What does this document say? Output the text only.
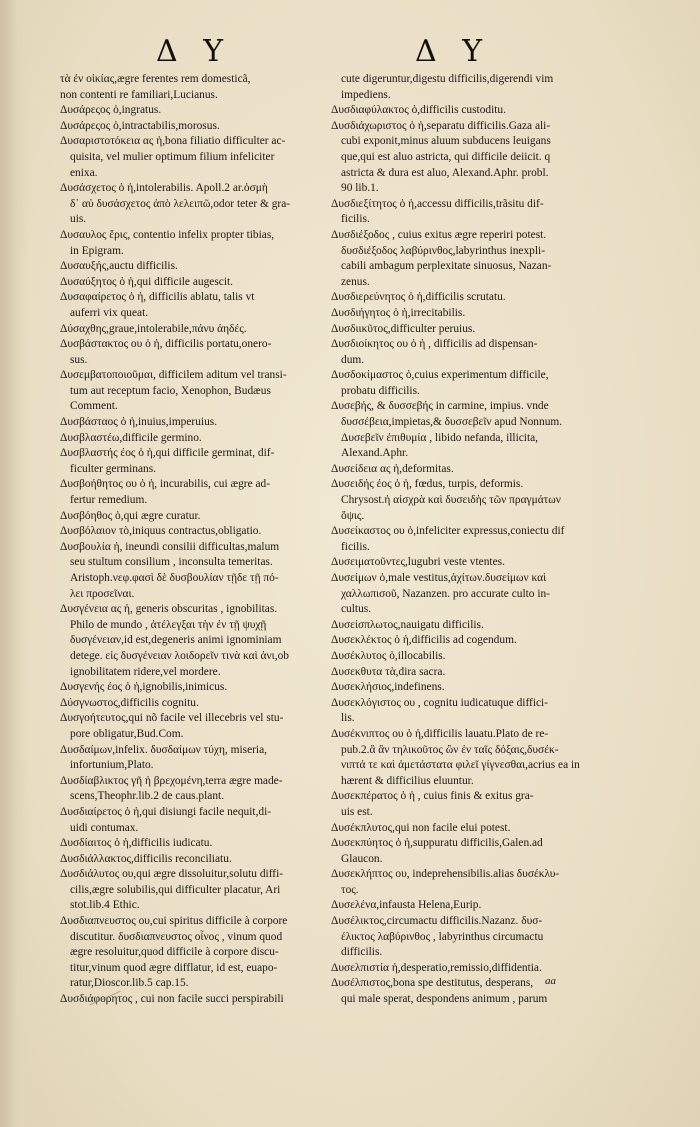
Δ Υ	Δ Υ
τὰ ἐν οἰκίας,ægre ferentes rem domesticã,
non contenti re familiari,Lucianus.
Δυσάρεςος ὁ,ingratus.
Δυσάρεςος ὁ,intractabilis,morosus.
Δυσαριστοτόκεια ας ἡ,bona filiatio difficulter ac-
quisita, vel mulier optimum filium infeliciter
enixa.
Δυσάσχετος ὁ ἡ,intolerabilis. Apoll.2 ar.ὀσμὴ
δ᾽ αὐ δυσάσχετος ἀπὸ λελειπῶ,odor teter & gra-
uis.
Δυσαυλος ἔρις, contentio infelix propter tibias,
in Epigram.
Δυσαυξής,auctu difficilis.
Δυσαύξητος ὁ ἡ,qui difficile augescit.
Δυσαφαίρετος ὁ ἡ, difficilis ablatu, talis vt
auferri vix queat.
Δύσαχθης,graue,intolerabile,πάνυ ἀηδές.
Δυσβάστακτος ου ὁ ἡ, difficilis portatu,onero-
sus.
Δυσεμβατοποιοῦμαι, difficilem aditum vel transi-
tum aut receptum facio, Xenophon, Budæus
Comment.
Δυσβάσταος ὁ ἡ,inuius,imperuius.
Δυσβλαστέω,difficile germino.
Δυσβλαστής έος ὁ ἡ,qui difficile germinat, dif-
ficulter germinans.
Δυσβοήθητος ου ὁ ἡ, incurabilis, cui ægre ad-
fertur remedium.
Δυσβόηθος ὁ,qui ægre curatur.
Δυσβόλαιον τὸ,iniquus contractus,obligatio.
Δυσβουλία ἡ, ineundi consilii difficultas,malum
seu stultum consilium , inconsulta temeritas.
Aristoph.νεφ.φασὶ δὲ δυσβουλίαν τῇδε τῇ πό-
λει προσεῖναι.
Δυσγένεια ας ἡ, generis obscuritas , ignobilitas.
Philo de mundo , ἀτέλεγξαι τὴν ἐν τῇ ψυχῇ
δυσγένειαν,id est,degeneris animi ignominiam
detege. εἰς δυσγένειαν λοιδορεῖν τινὰ καὶ ἀνι,ob
ignobilitatem ridere,vel mordere.
Δυσγενής έος ὁ ἡ,ignobilis,inimicus.
Δύσγνωστος,difficilis cognitu.
Δυσγοήτευτος,qui nõ facile vel illecebris vel stu-
pore obligatur,Bud.Com.
Δυσδαίμων,infelix. δυσδαίμων τύχη, miseria,
infortunium,Plato.
Δυσδίαβλικτος γῆ ἡ βρεχομένη,terra ægre made-
scens,Theophr.lib.2 de caus.plant.
Δυσδιαίρετος ὁ ἡ,qui disiungi facile nequit,di-
uidi contumax.
Δυσδίαιτος ὁ ἡ,difficilis iudicatu.
Δυσδιάλλακτος,difficilis reconciliatu.
Δυσδιάλυτος ου,qui ægre dissoluitur,solutu diffi-
cilis,ægre solubilis,qui difficulter placatur, Ari
stot.lib.4 Ethic.
Δυσδιαπνευστος ου,cui spiritus difficile à corpore
discutitur. δυσδιαπνευστος οἶνος , vinum quod
ægre resoluitur,quod difficile à corpore discu-
titur,vinum quod ægre difflatur, id est, euapo-
ratur,Dioscor.lib.5 cap.15.
Δυσδιάφορητος , cui non facile succi perspirabili
cute digeruntur,digestu difficilis,digerendi vim
impediens.
Δυσδιαφύλακτος ὁ,difficilis custoditu.
Δυσδιάχωριστος ὁ ἡ,separatu difficilis.Gaza ali-
cubi exponit,minus aluum subducens leuigans
que,qui est aluo astricta, qui difficile deiicit. q
astricta & dura est aluo, Alexand.Aphr. probl.
90 lib.1.
Δυσδιεξίτητος ὁ ἡ,accessu difficilis,trãsitu dif-
ficilis.
Δυσδιέξοδος , cuius exitus ægre reperiri potest.
δυσδιέξοδος λαβύρινθος,labyrinthus inexpli-
cabili ambagum perplexitate sinuosus, Nazan-
zenus.
Δυσδιερεύνητος ὁ ἡ,difficilis scrutatu.
Δυσδιήγητος ὁ ἡ,irrecitabilis.
Δυσδιικῦτος,difficulter peruius.
Δυσδιοίκητος ου ὁ ἡ , difficilis ad dispensan-
dum.
Δυσδοκίμαστος ὁ,cuius experimentum difficile,
probatu difficilis.
Δυσεβής, & δυσσεβής in carmine, impius. vnde
δυσσέβεια,impietas,& δυσσεβεῖν apud Nonnum.
Δυσεβεῖν ἐπιθυμία , libido nefanda, illicita,
Alexand.Aphr.
Δυσείδεια ας ἡ,deformitas.
Δυσειδής έος ὁ ἡ, fœdus, turpis, deformis.
Chrysost.ἡ αἰσχρὰ καὶ δυσειδὴς τῶν πραγμάτων
ὄψις.
Δυσείκαστος ου ὁ,infeliciter expressus,coniectu dif
ficilis.
Δυσειματοῦντες,lugubri veste vtentes.
Δυσείμων ὁ,male vestitus,ἀχίτων.δυσείμων καὶ
χαλλωπισοῦ, Nazanzen. pro accurate culto in-
cultus.
Δυσείσπλωτος,nauigatu difficilis.
Δυσεκλέκτος ὁ ἡ,difficilis ad cogendum.
Δυσέκλυτος ὁ,illocabilis.
Δυσεκθυτα τὰ,dira sacra.
Δυσεκλήσιος,indefinens.
Δυσεκλόγιστος ου , cognitu iudicatuque diffici-
lis.
Δυσέκνιπτος ου ὁ ἡ,difficilis lauatu.Plato de re-
pub.2.ἃ ἂν τηλικοῦτος ὢν ἐν ταῖς δόξαις,δυσέκ-
νιπτά τε καὶ ἀμετάστατα φιλεῖ γίγνεσθαι,acrius ea in
hærent & difficilius eluuntur.
Δυσεκπέρατος ὁ ἡ , cuius finis & exitus gra-
uis est.
Δυσέκπλυτος,qui non facile elui potest.
Δυσεκπύητος ὁ ἡ,suppuratu difficilis,Galen.ad
Glaucon.
Δυσεκλήπτος ου, indeprehensibilis.alias δυσέκλυ-
τος.
Δυσελένα,infausta Helena,Eurip.
Δυσέλικτος,circumactu difficilis.Nazanz. δυσ-
έλικτος λαβύρινθος , labyrinthus circumactu
difficilis.
Δυσελπιστία ἡ,desperatio,remissio,diffidentia.
Δυσέλπιστος,bona spe destitutus, desperans,
qui male sperat, despondens animum , parum
aa
